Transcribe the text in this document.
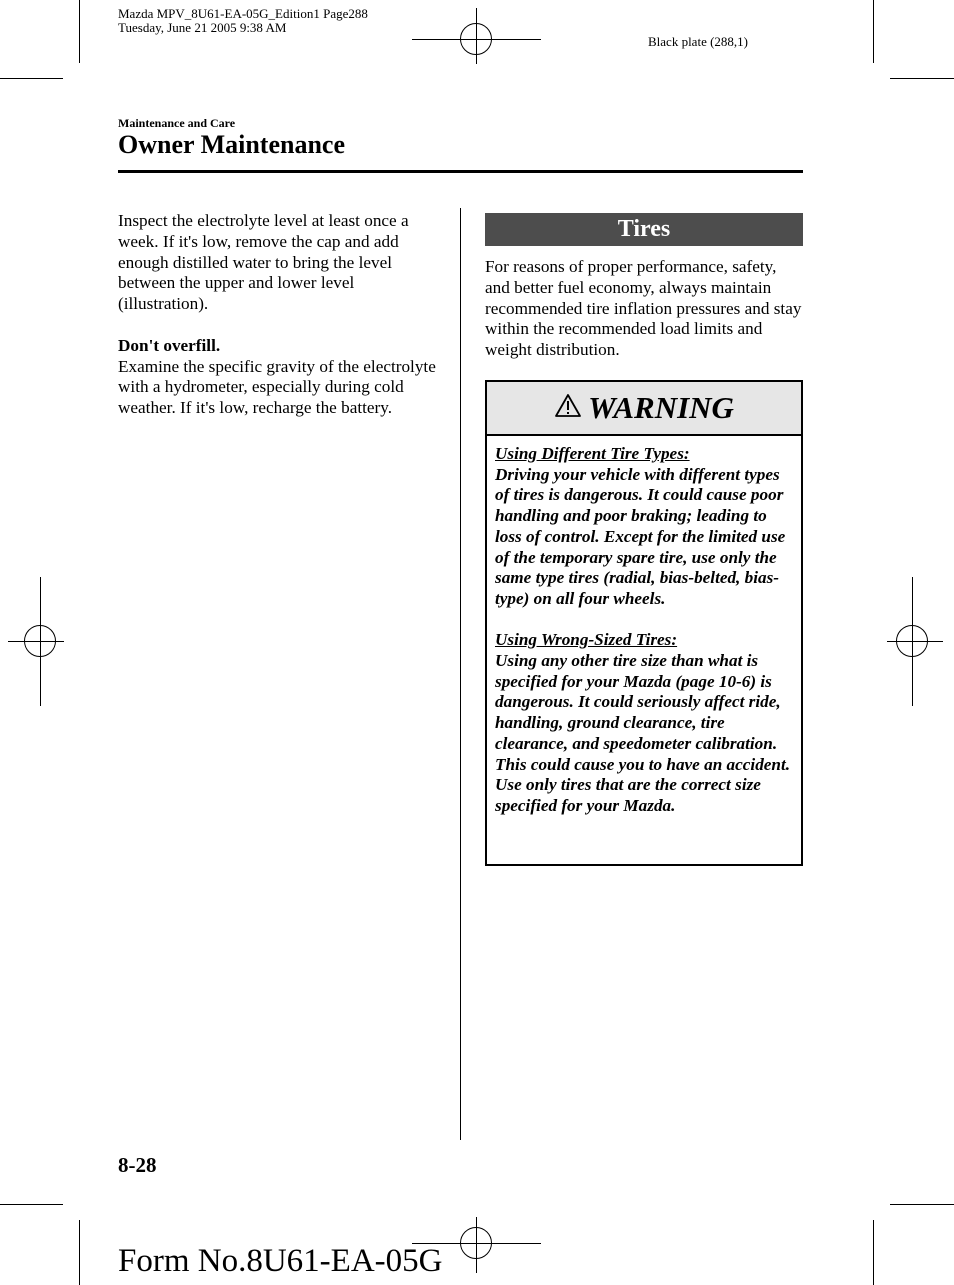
Mazda MPV_8U61-EA-05G_Edition1 Page288
Tuesday, June 21 2005 9:38 AM
Black plate (288,1)
Maintenance and Care
Owner Maintenance

Inspect the electrolyte level at least once a week. If it's low, remove the cap and add enough distilled water to bring the level between the upper and lower level (illustration).

Don't overfill.

Examine the specific gravity of the electrolyte with a hydrometer, especially during cold weather. If it's low, recharge the battery.

Tires
For reasons of proper performance, safety, and better fuel economy, always maintain recommended tire inflation pressures and stay within the recommended load limits and weight distribution.
WARNING

Using Different Tire Types:

Driving your vehicle with different types of tires is dangerous. It could cause poor handling and poor braking; leading to loss of control. Except for the limited use of the temporary spare tire, use only the same type tires (radial, bias-belted, bias-type) on all four wheels.

Using Wrong-Sized Tires:

Using any other tire size than what is specified for your Mazda (page 10-6) is dangerous. It could seriously affect ride, handling, ground clearance, tire clearance, and speedometer calibration. This could cause you to have an accident. Use only tires that are the correct size specified for your Mazda.

8-28
Form No.8U61-EA-05G
